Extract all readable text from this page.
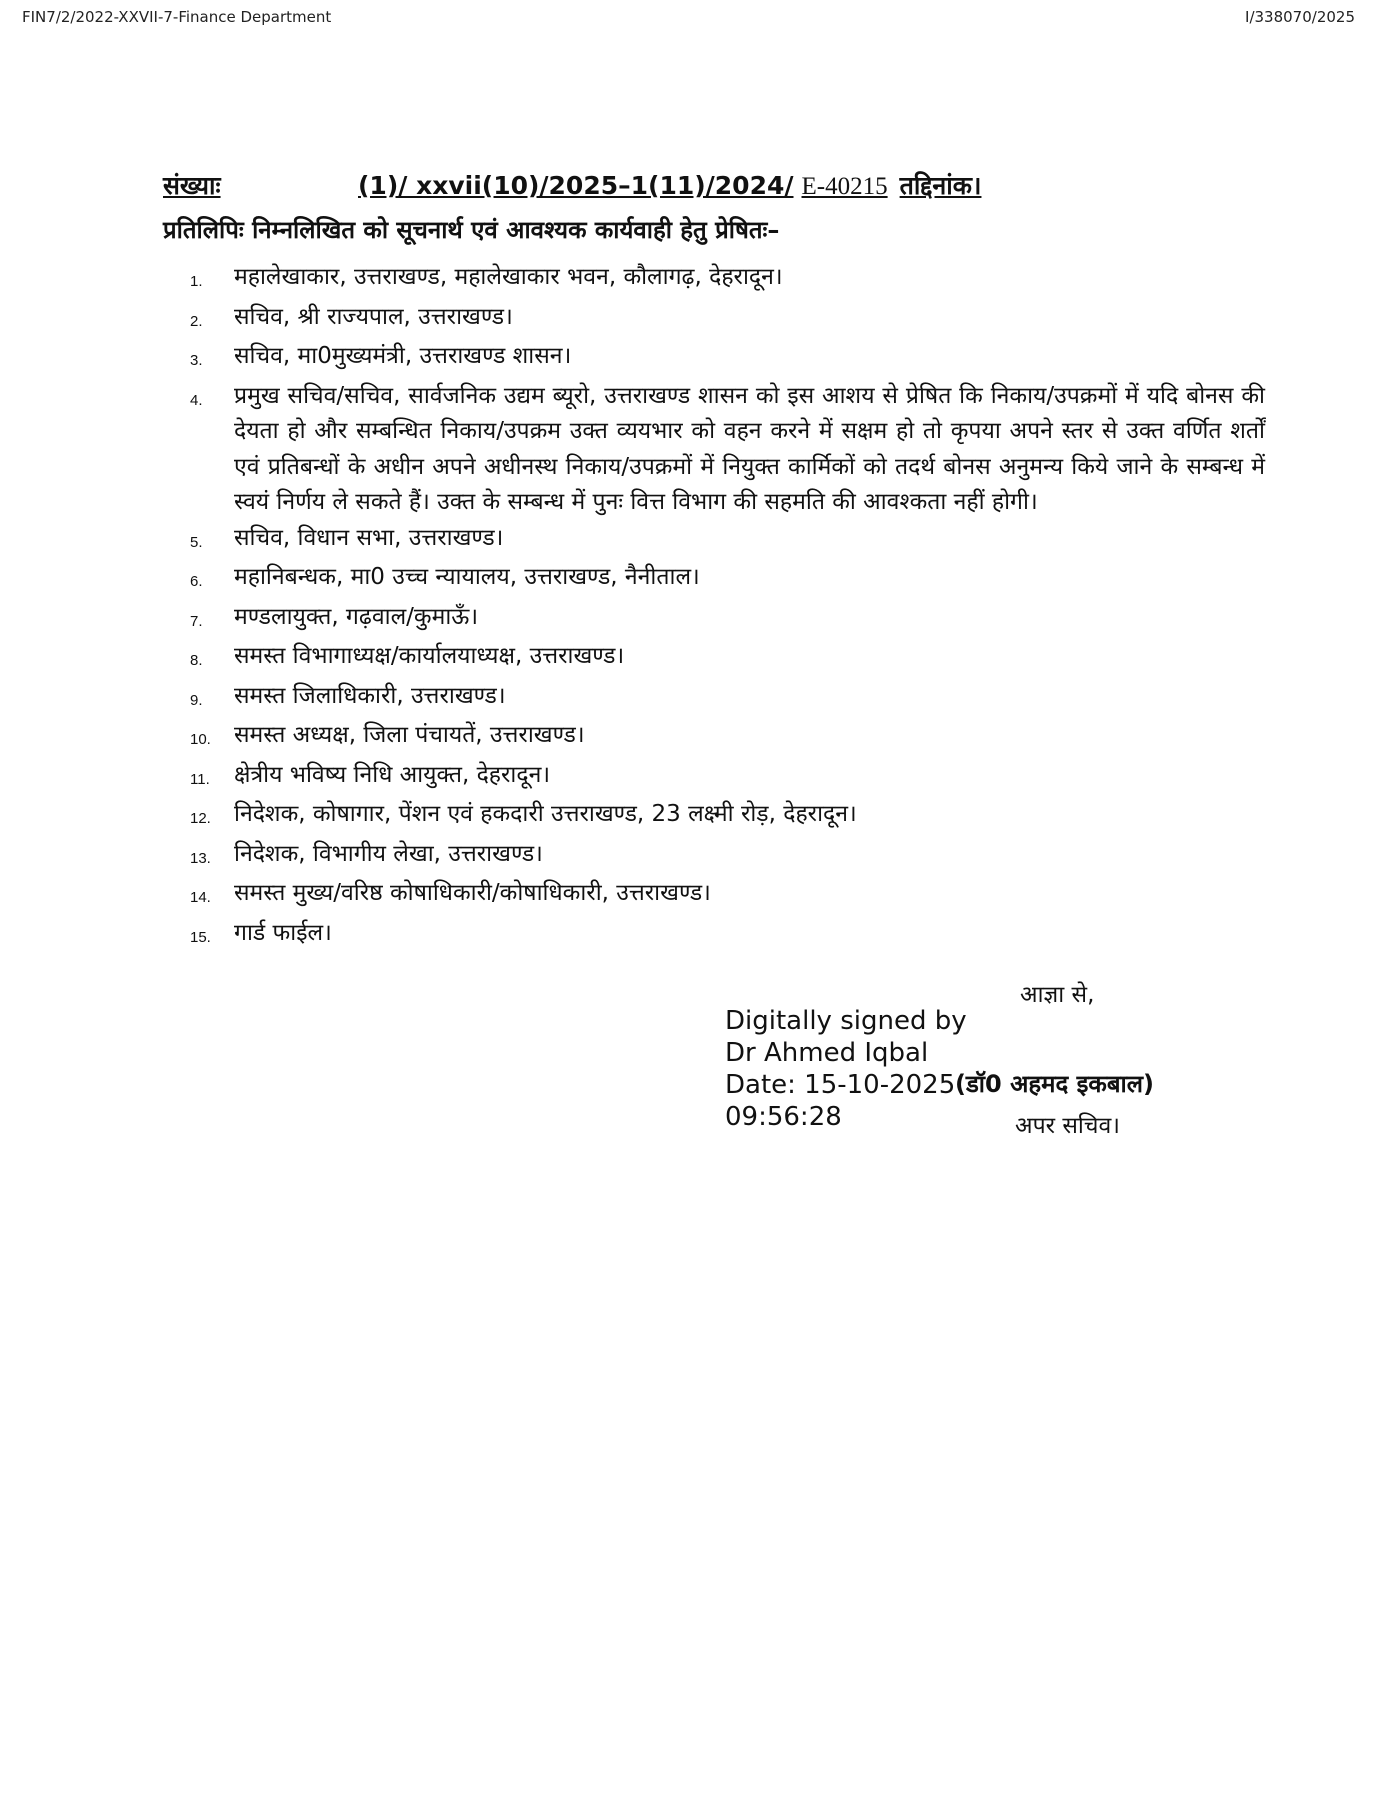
FIN7/2/2022-XXVII-7-Finance Department	I/338070/2025
संख्याः	(1)/ xxvii(10)/2025–1(11)/2024/ E-40215 तद्दिनांक।
प्रतिलिपिः निम्नलिखित को सूचनार्थ एवं आवश्यक कार्यवाही हेतु प्रेषितः–
1.	महालेखाकार, उत्तराखण्ड, महालेखाकार भवन, कौलागढ़, देहरादून।
2.	सचिव, श्री राज्यपाल, उत्तराखण्ड।
3.	सचिव, मा0मुख्यमंत्री, उत्तराखण्ड शासन।
4.	प्रमुख सचिव/सचिव, सार्वजनिक उद्यम ब्यूरो, उत्तराखण्ड शासन को इस आशय से प्रेषित कि निकाय/उपक्रमों में यदि बोनस की देयता हो और सम्बन्धित निकाय/उपक्रम उक्त व्ययभार को वहन करने में सक्षम हो तो कृपया अपने स्तर से उक्त वर्णित शर्तों एवं प्रतिबन्धों के अधीन अपने अधीनस्थ निकाय/उपक्रमों में नियुक्त कार्मिकों को तदर्थ बोनस अनुमन्य किये जाने के सम्बन्ध में स्वयं निर्णय ले सकते हैं। उक्त के सम्बन्ध में पुनः वित्त विभाग की सहमति की आवश्कता नहीं होगी।
5.	सचिव, विधान सभा, उत्तराखण्ड।
6.	महानिबन्धक, मा0 उच्च न्यायालय, उत्तराखण्ड, नैनीताल।
7.	मण्डलायुक्त, गढ़वाल/कुमाऊँ।
8.	समस्त विभागाध्यक्ष/कार्यालयाध्यक्ष, उत्तराखण्ड।
9.	समस्त जिलाधिकारी, उत्तराखण्ड।
10.	समस्त अध्यक्ष, जिला पंचायतें, उत्तराखण्ड।
11.	क्षेत्रीय भविष्य निधि आयुक्त, देहरादून।
12.	निदेशक, कोषागार, पेंशन एवं हकदारी उत्तराखण्ड, 23 लक्ष्मी रोड़, देहरादून।
13.	निदेशक, विभागीय लेखा, उत्तराखण्ड।
14.	समस्त मुख्य/वरिष्ठ कोषाधिकारी/कोषाधिकारी, उत्तराखण्ड।
15.	गार्ड फाईल।
आज्ञा से,
Digitally signed by
Dr Ahmed Iqbal
Date: 15-10-2025
09:56:28
(डॉ0 अहमद इकबाल)
अपर सचिव।
